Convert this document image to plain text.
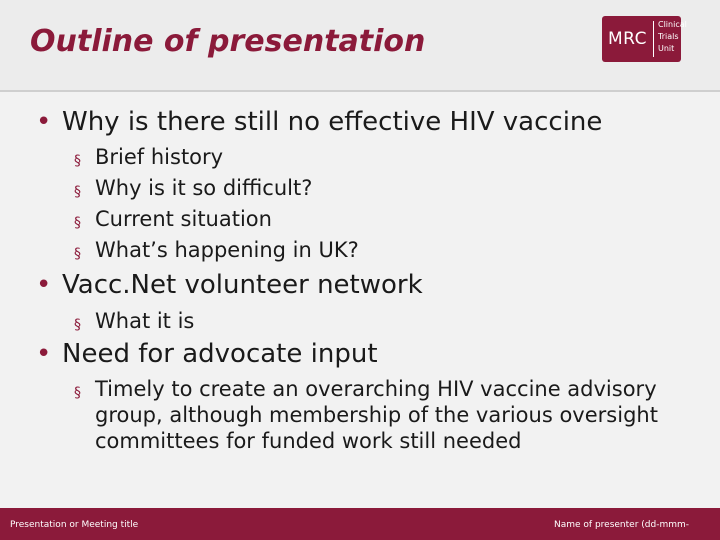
Outline of presentation	MRC
Clinical
Trials
Unit
• Why is there still no effective HIV vaccine
§ Brief history
§ Why is it so difficult?
§ Current situation
§ What’s happening in UK?
• Vacc.Net volunteer network
§ What it is
• Need for advocate input
§ Timely to create an overarching HIV vaccine advisory group, although membership of the various oversight committees for funded work still needed
Presentation or Meeting title	Name of presenter (dd-mmm-
